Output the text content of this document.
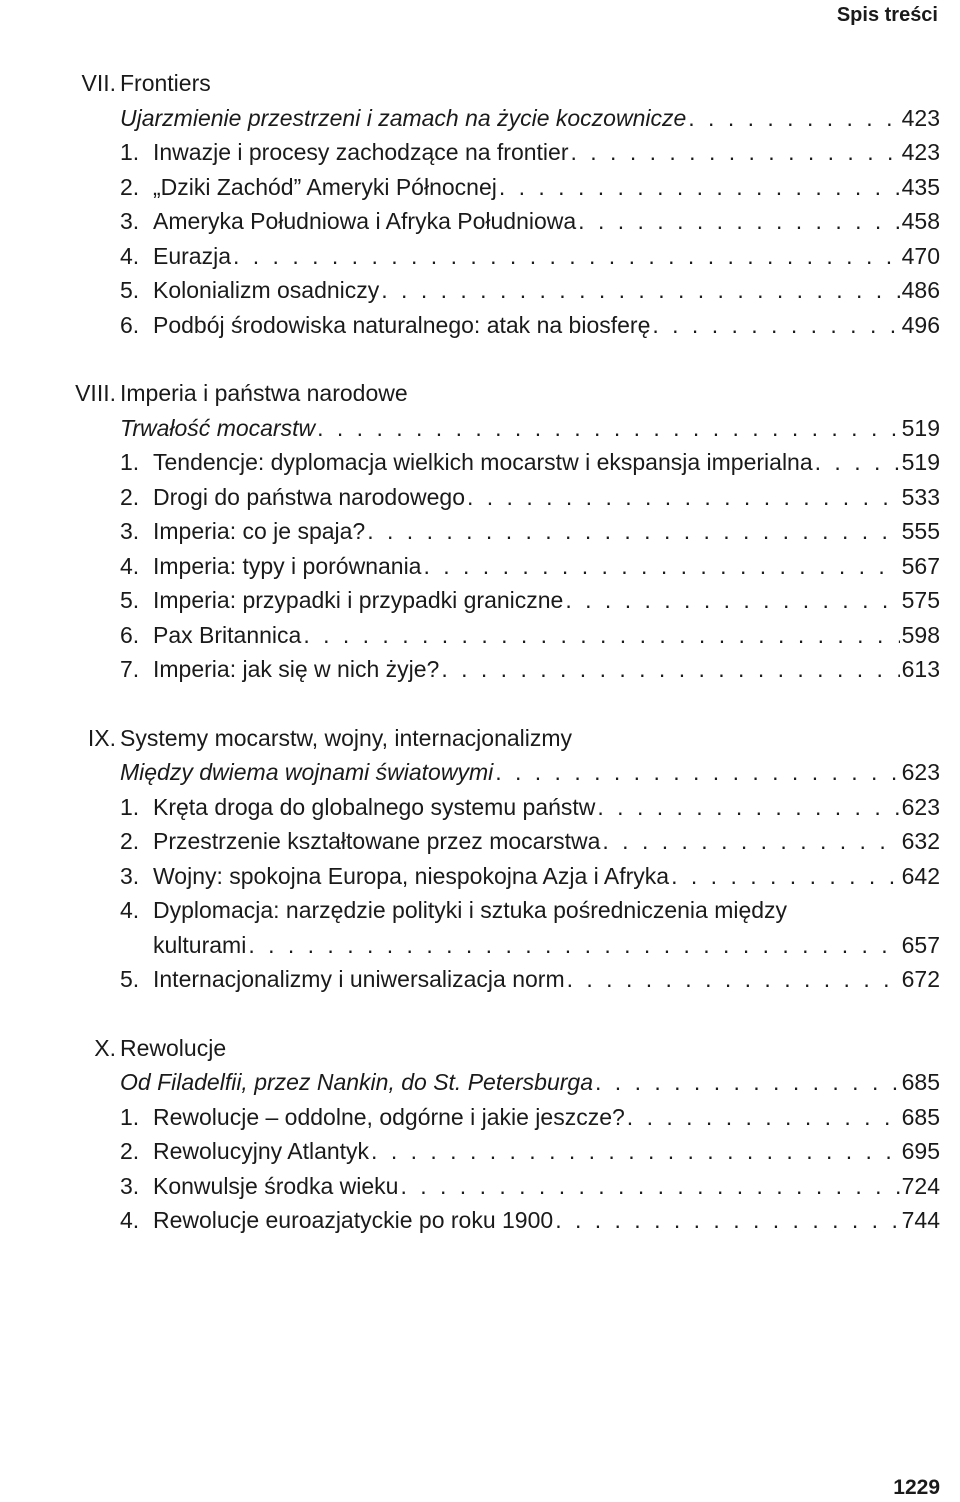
Spis treści
VII. Frontiers
Ujarzmienie przestrzeni i zamach na życie koczownicze . . .	423
1. Inwazje i procesy zachodzące na frontier . . .	423
2. „Dziki Zachód” Ameryki Północnej . . .	435
3. Ameryka Południowa i Afryka Południowa . . .	458
4. Eurazja . . .	470
5. Kolonializm osadniczy . . .	486
6. Podbój środowiska naturalnego: atak na biosferę . . .	496
VIII. Imperia i państwa narodowe
Trwałość mocarstw . . .	519
1. Tendencje: dyplomacja wielkich mocarstw i ekspansja imperialna . . .	519
2. Drogi do państwa narodowego . . .	533
3. Imperia: co je spaja? . . .	555
4. Imperia: typy i porównania . . .	567
5. Imperia: przypadki i przypadki graniczne . . .	575
6. Pax Britannica . . .	598
7. Imperia: jak się w nich żyje? . . .	613
IX. Systemy mocarstw, wojny, internacjonalizmy
Między dwiema wojnami światowymi . . .	623
1. Kręta droga do globalnego systemu państw . . .	623
2. Przestrzenie kształtowane przez mocarstwa . . .	632
3. Wojny: spokojna Europa, niespokojna Azja i Afryka . . .	642
4. Dyplomacja: narzędzie polityki i sztuka pośredniczenia między
kulturami . . .	657
5. Internacjonalizmy i uniwersalizacja norm . . .	672
X. Rewolucje
Od Filadelfii, przez Nankin, do St. Petersburga . . .	685
1. Rewolucje – oddolne, odgórne i jakie jeszcze? . . .	685
2. Rewolucyjny Atlantyk . . .	695
3. Konwulsje środka wieku . . .	724
4. Rewolucje euroazjatyckie po roku 1900 . . .	744
1229
